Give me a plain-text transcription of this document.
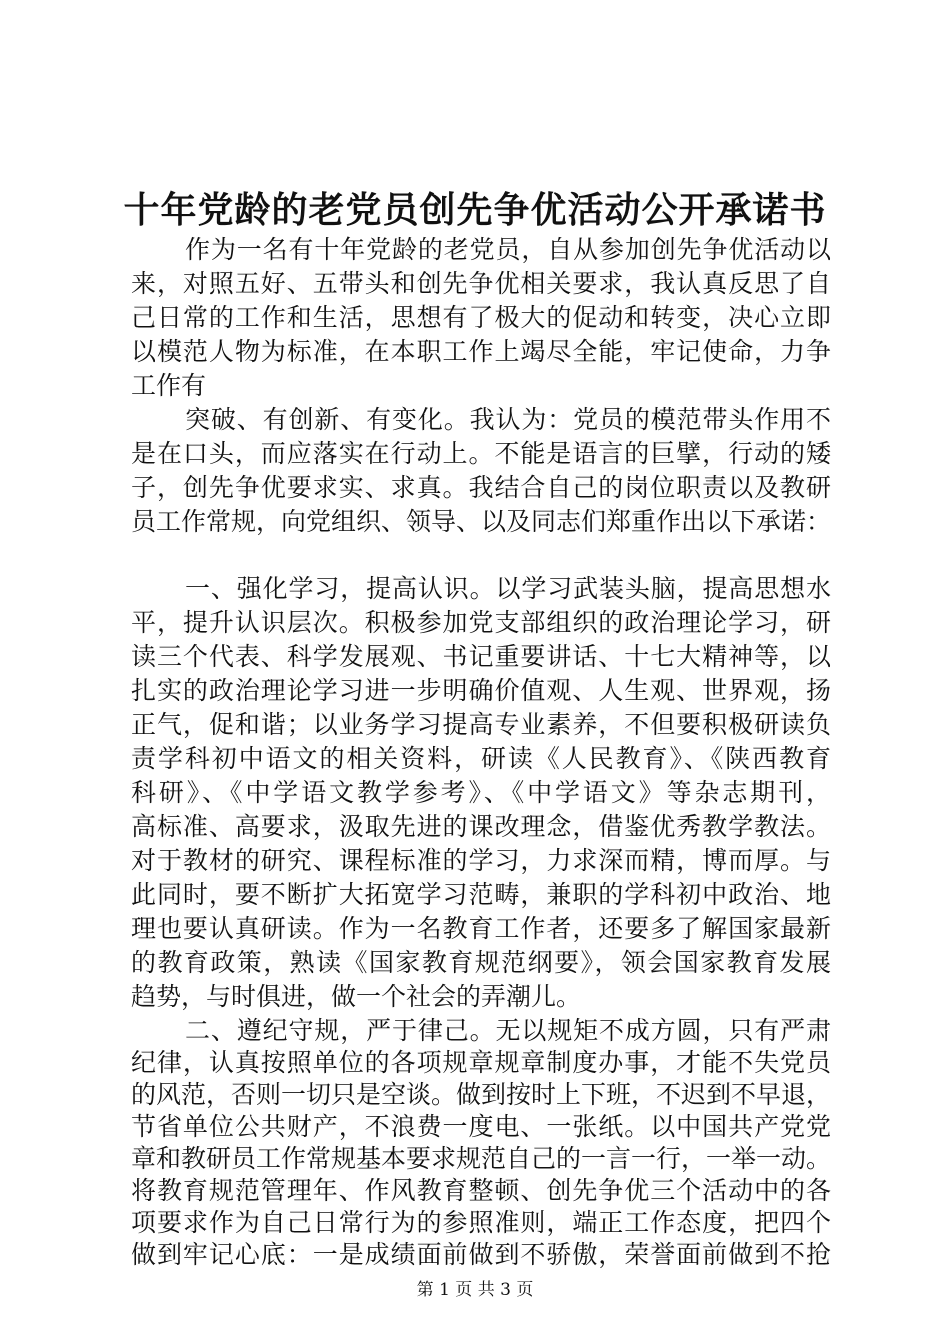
十年党龄的老党员创先争优活动公开承诺书
作为一名有十年党龄的老党员，自从参加创先争优活动以
来，对照五好、五带头和创先争优相关要求，我认真反思了自
己日常的工作和生活，思想有了极大的促动和转变，决心立即
以模范人物为标准，在本职工作上竭尽全能，牢记使命，力争
工作有
突破、有创新、有变化。我认为：党员的模范带头作用不
是在口头，而应落实在行动上。不能是语言的巨擘，行动的矮
子，创先争优要求实、求真。我结合自己的岗位职责以及教研
员工作常规，向党组织、领导、以及同志们郑重作出以下承诺：
一、强化学习，提高认识。以学习武装头脑，提高思想水
平，提升认识层次。积极参加党支部组织的政治理论学习，研
读三个代表、科学发展观、书记重要讲话、十七大精神等，以
扎实的政治理论学习进一步明确价值观、人生观、世界观，扬
正气，促和谐；以业务学习提高专业素养，不但要积极研读负
责学科初中语文的相关资料，研读《人民教育》、《陕西教育
科研》、《中学语文教学参考》、《中学语文》等杂志期刊，
高标准、高要求，汲取先进的课改理念，借鉴优秀教学教法。
对于教材的研究、课程标准的学习，力求深而精，博而厚。与
此同时，要不断扩大拓宽学习范畴，兼职的学科初中政治、地
理也要认真研读。作为一名教育工作者，还要多了解国家最新
的教育政策，熟读《国家教育规范纲要》，领会国家教育发展
趋势，与时俱进，做一个社会的弄潮儿。
二、遵纪守规，严于律己。无以规矩不成方圆，只有严肃
纪律，认真按照单位的各项规章规章制度办事，才能不失党员
的风范，否则一切只是空谈。做到按时上下班，不迟到不早退，
节省单位公共财产，不浪费一度电、一张纸。以中国共产党党
章和教研员工作常规基本要求规范自己的一言一行，一举一动。
将教育规范管理年、作风教育整顿、创先争优三个活动中的各
项要求作为自己日常行为的参照准则，端正工作态度，把四个
做到牢记心底：一是成绩面前做到不骄傲，荣誉面前做到不抢
第 1 页 共 3 页
